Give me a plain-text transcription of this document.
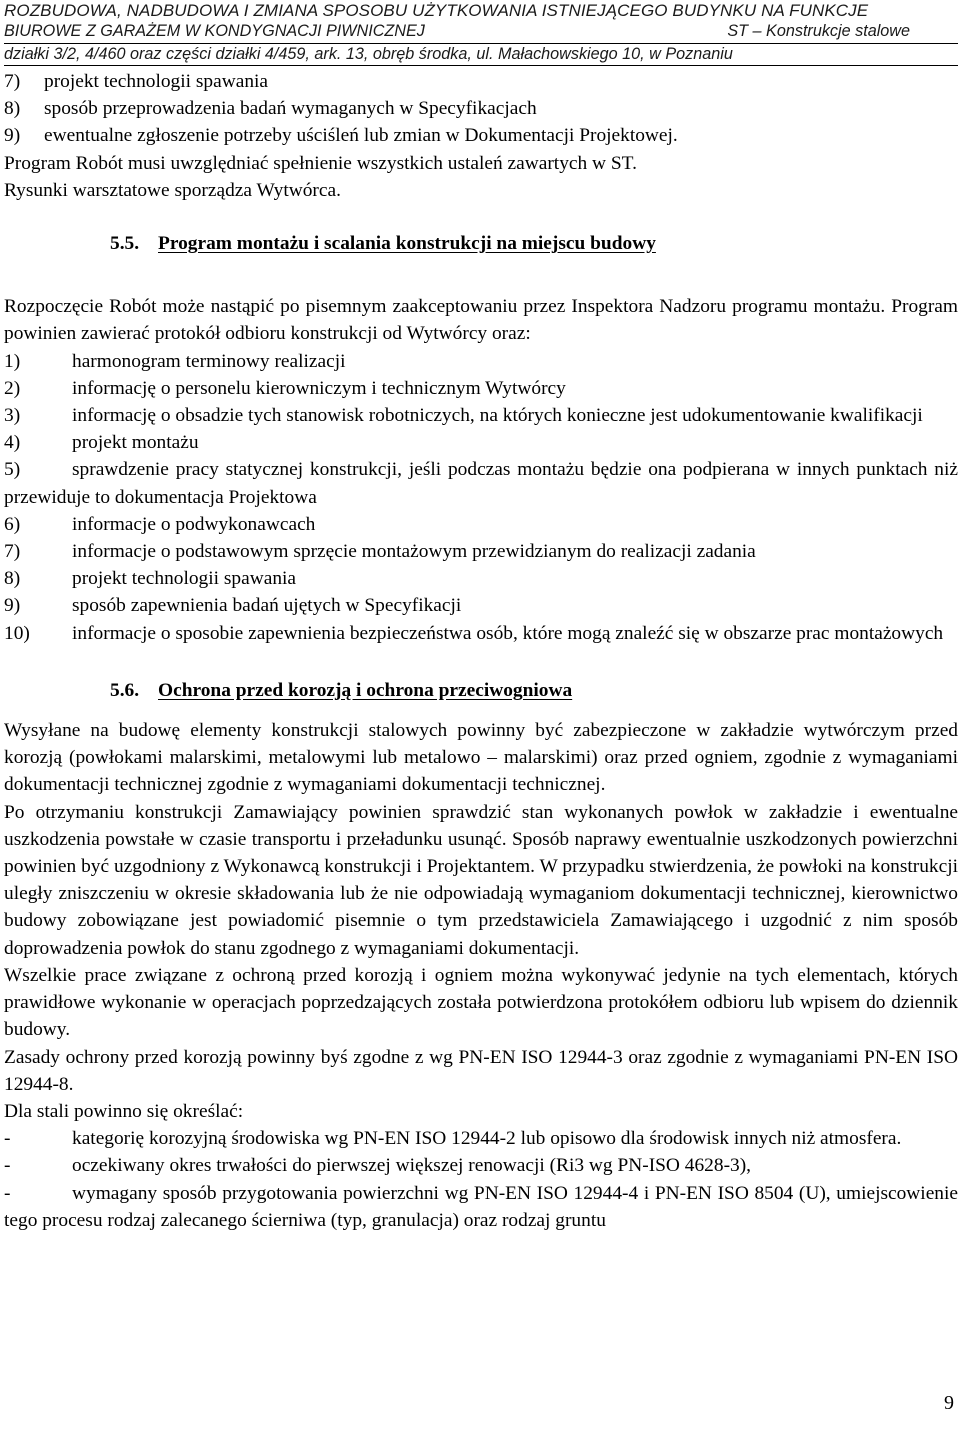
ROZBUDOWA, NADBUDOWA I ZMIANA SPOSOBU UŻYTKOWANIA ISTNIEJĄCEGO BUDYNKU NA FUNKCJE
BIUROWE Z GARAŻEM W KONDYGNACJI PIWNICZNEJ	ST – Konstrukcje stalowe
działki 3/2, 4/460 oraz części działki 4/459, ark. 13, obręb środka, ul. Małachowskiego 10, w Poznaniu

7)	projekt technologii spawania

8)	sposób przeprowadzenia badań wymaganych w Specyfikacjach

9)	ewentualne zgłoszenie potrzeby uściśleń lub zmian w Dokumentacji Projektowej.

Program Robót musi uwzględniać spełnienie wszystkich ustaleń zawartych w ST.

Rysunki warsztatowe sporządza Wytwórca.

5.5. Program montażu i scalania konstrukcji na miejscu budowy

Rozpoczęcie Robót może nastąpić po pisemnym zaakceptowaniu przez Inspektora Nadzoru programu montażu. Program powinien zawierać protokół odbioru konstrukcji od Wytwórcy oraz:

1)	harmonogram terminowy realizacji

2)	informację o personelu kierowniczym i technicznym Wytwórcy

3)	informację o obsadzie tych stanowisk robotniczych, na których konieczne jest udokumentowanie kwalifikacji

4)	projekt montażu

5)	sprawdzenie pracy statycznej konstrukcji, jeśli podczas montażu będzie ona podpierana w innych punktach niż przewiduje to dokumentacja Projektowa

6)	informacje o podwykonawcach

7)	informacje o podstawowym sprzęcie montażowym przewidzianym do realizacji zadania

8)	projekt technologii spawania

9)	sposób zapewnienia badań ujętych w Specyfikacji

10) informacje o sposobie zapewnienia bezpieczeństwa osób, które mogą znaleźć się w obszarze prac montażowych

5.6. Ochrona przed korozją i ochrona przeciwogniowa

Wysyłane na budowę elementy konstrukcji stalowych powinny być zabezpieczone w zakładzie wytwórczym przed korozją (powłokami malarskimi, metalowymi lub metalowo – malarskimi) oraz przed ogniem, zgodnie z wymaganiami dokumentacji technicznej zgodnie z wymaganiami dokumentacji technicznej.

Po otrzymaniu konstrukcji Zamawiający powinien sprawdzić stan wykonanych powłok w zakładzie i ewentualne uszkodzenia powstałe w czasie transportu i przeładunku usunąć. Sposób naprawy ewentualnie uszkodzonych powierzchni powinien być uzgodniony z Wykonawcą konstrukcji i Projektantem. W przypadku stwierdzenia, że powłoki na konstrukcji uległy zniszczeniu w okresie składowania lub że nie odpowiadają wymaganiom dokumentacji technicznej, kierownictwo budowy zobowiązane jest powiadomić pisemnie o tym przedstawiciela Zamawiającego i uzgodnić z nim sposób doprowadzenia powłok do stanu zgodnego z wymaganiami dokumentacji.

Wszelkie prace związane z ochroną przed korozją i ogniem można wykonywać jedynie na tych elementach, których prawidłowe wykonanie w operacjach poprzedzających została potwierdzona protokółem odbioru lub wpisem do dziennik budowy.

Zasady ochrony przed korozją powinny byś zgodne z wg PN-EN ISO 12944-3 oraz zgodnie z wymaganiami PN-EN ISO 12944-8.

Dla stali powinno się określać:

-	kategorię korozyjną środowiska wg PN-EN ISO 12944-2 lub opisowo dla środowisk innych niż atmosfera.

-	oczekiwany okres trwałości do pierwszej większej renowacji (Ri3 wg PN-ISO 4628-3),

-	wymagany sposób przygotowania powierzchni wg PN-EN ISO 12944-4 i PN-EN ISO 8504 (U), umiejscowienie tego procesu rodzaj zalecanego ścierniwa (typ, granulacja) oraz rodzaj gruntu

9
